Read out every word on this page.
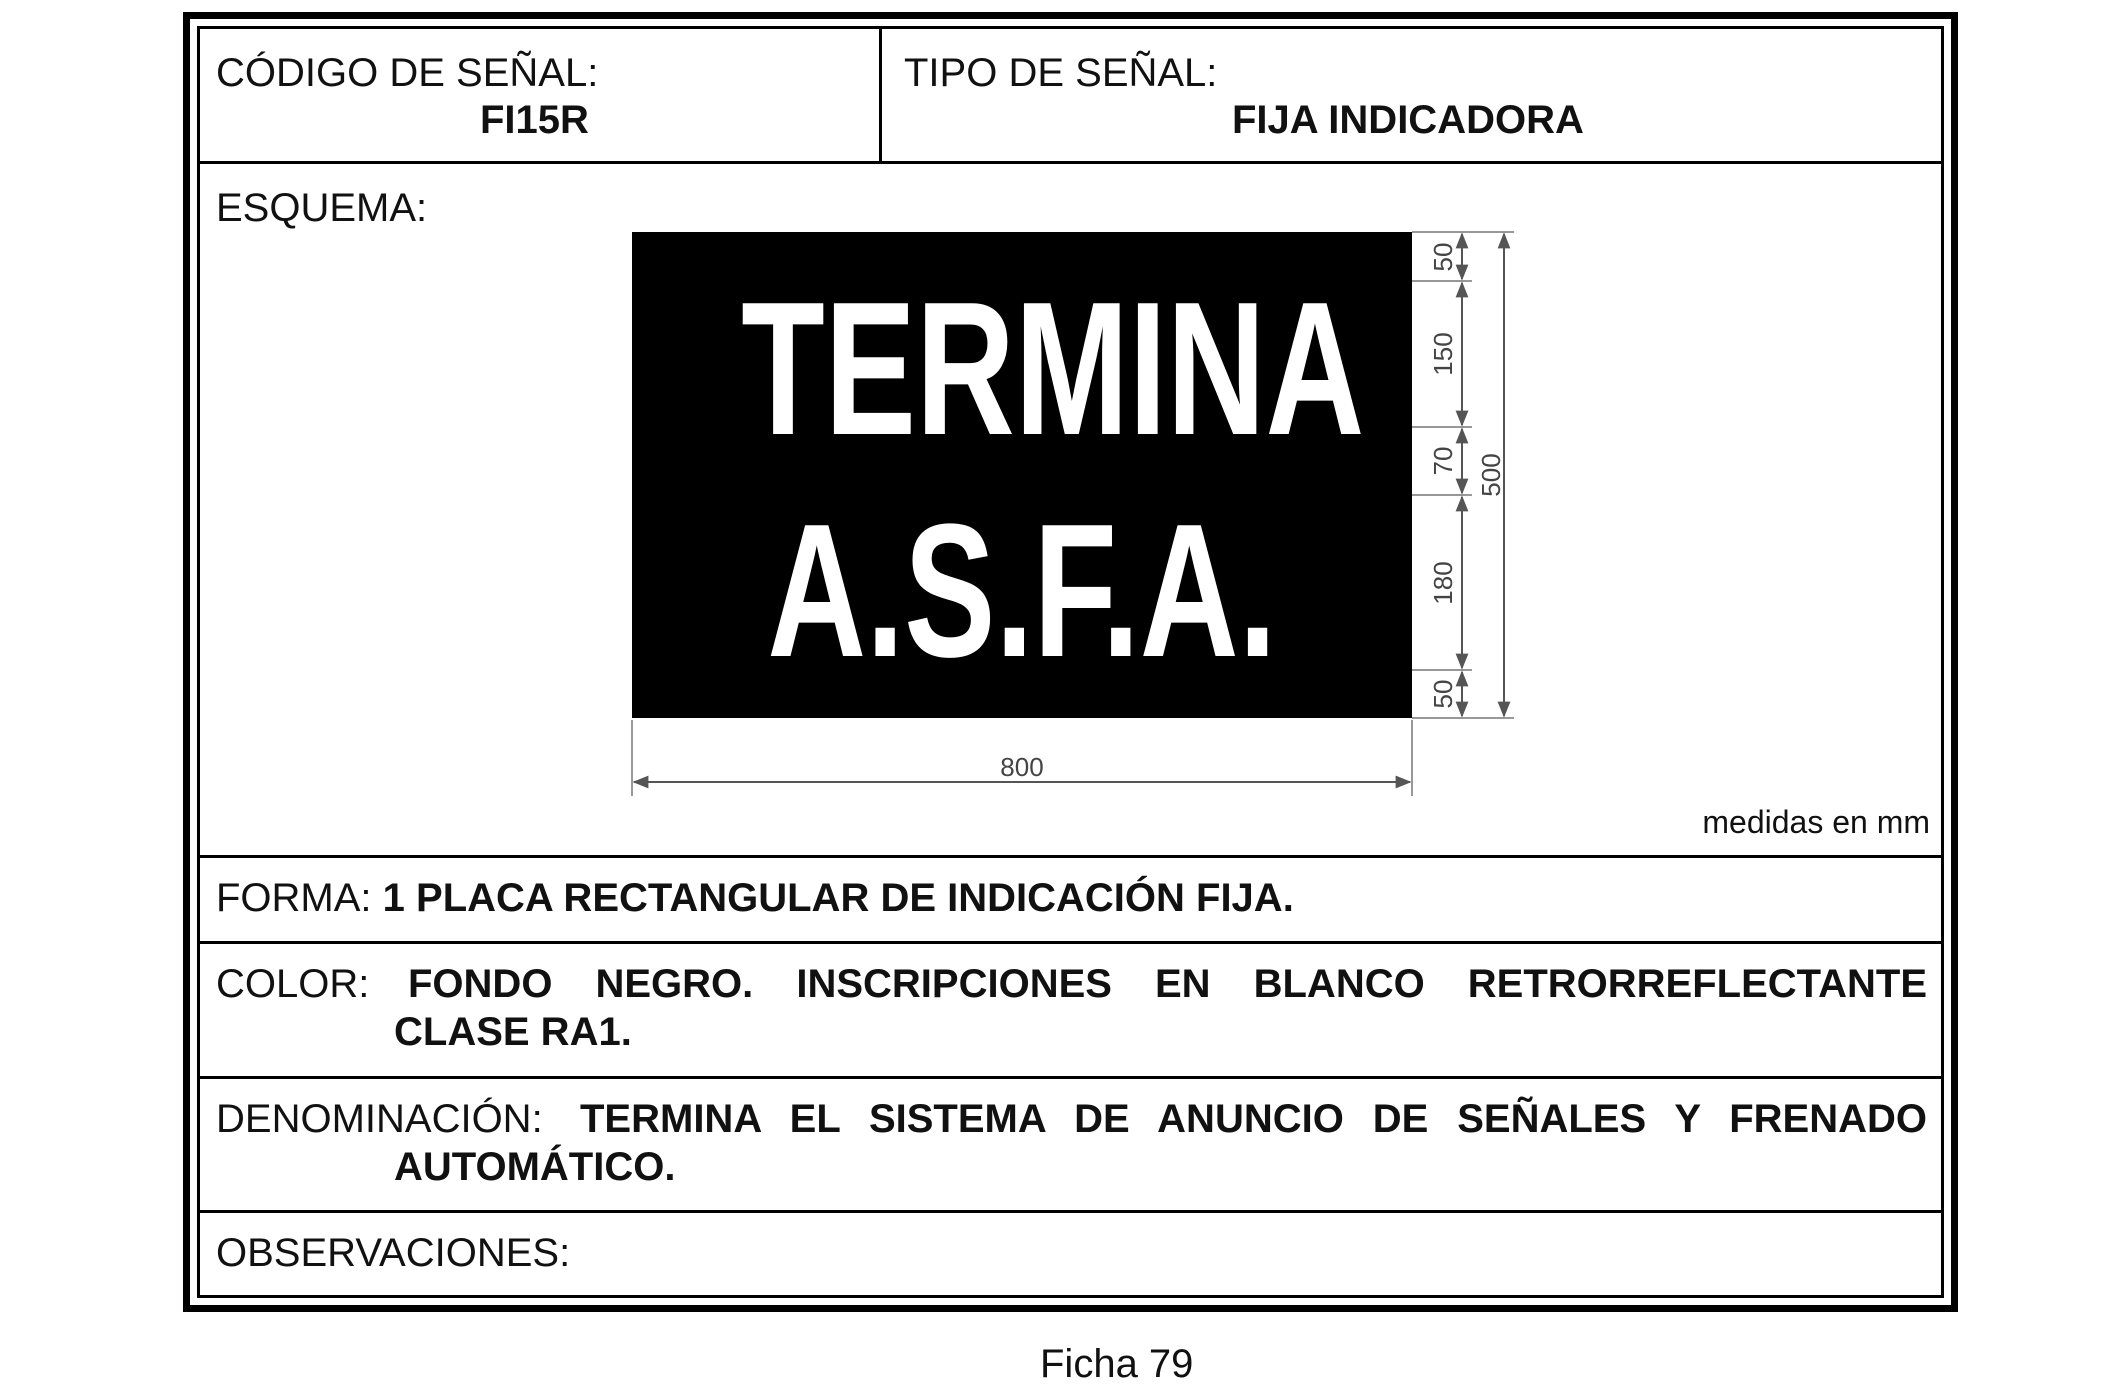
CÓDIGO DE SEÑAL:
FI15R
TIPO DE SEÑAL:
FIJA INDICADORA
ESQUEMA:
TERMINA
A.S.F.A.
800
500
50
150
70
180
50
medidas en mm
FORMA: 1 PLACA RECTANGULAR DE INDICACIÓN FIJA.
COLOR: FONDO NEGRO. INSCRIPCIONES EN BLANCO RETRORREFLECTANTE
CLASE RA1.
DENOMINACIÓN: TERMINA EL SISTEMA DE ANUNCIO DE SEÑALES Y FRENADO
AUTOMÁTICO.
OBSERVACIONES:
Ficha 79
